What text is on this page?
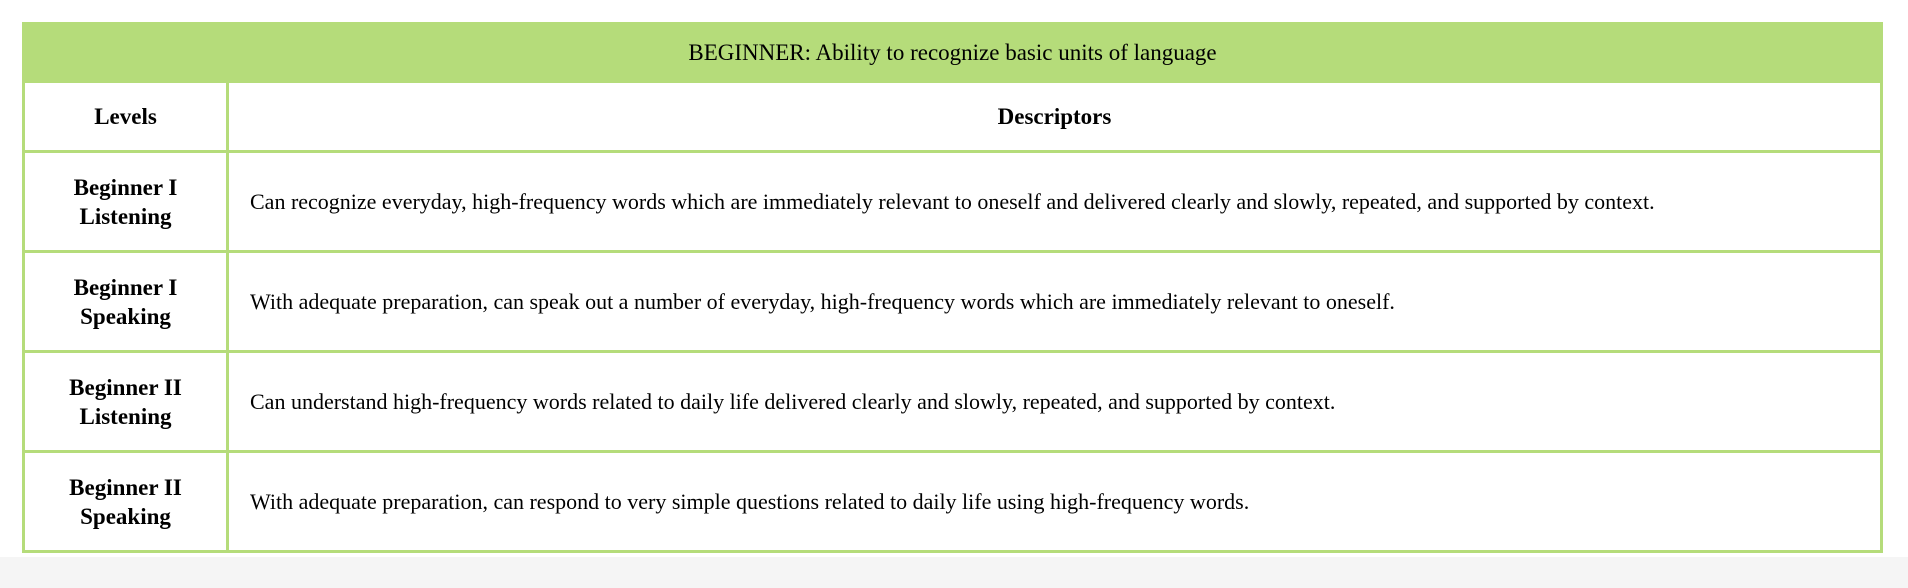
BEGINNER: Ability to recognize basic units of language	
Levels	Descriptors

Beginner I
Listening	Can recognize everyday, high-frequency words which are immediately relevant to oneself and delivered clearly and slowly, repeated, and supported by context.

Beginner I
Speaking	With adequate preparation, can speak out a number of everyday, high-frequency words which are immediately relevant to oneself.

Beginner II
Listening	Can understand high-frequency words related to daily life delivered clearly and slowly, repeated, and supported by context.

Beginner II
Speaking	With adequate preparation, can respond to very simple questions related to daily life using high-frequency words.
